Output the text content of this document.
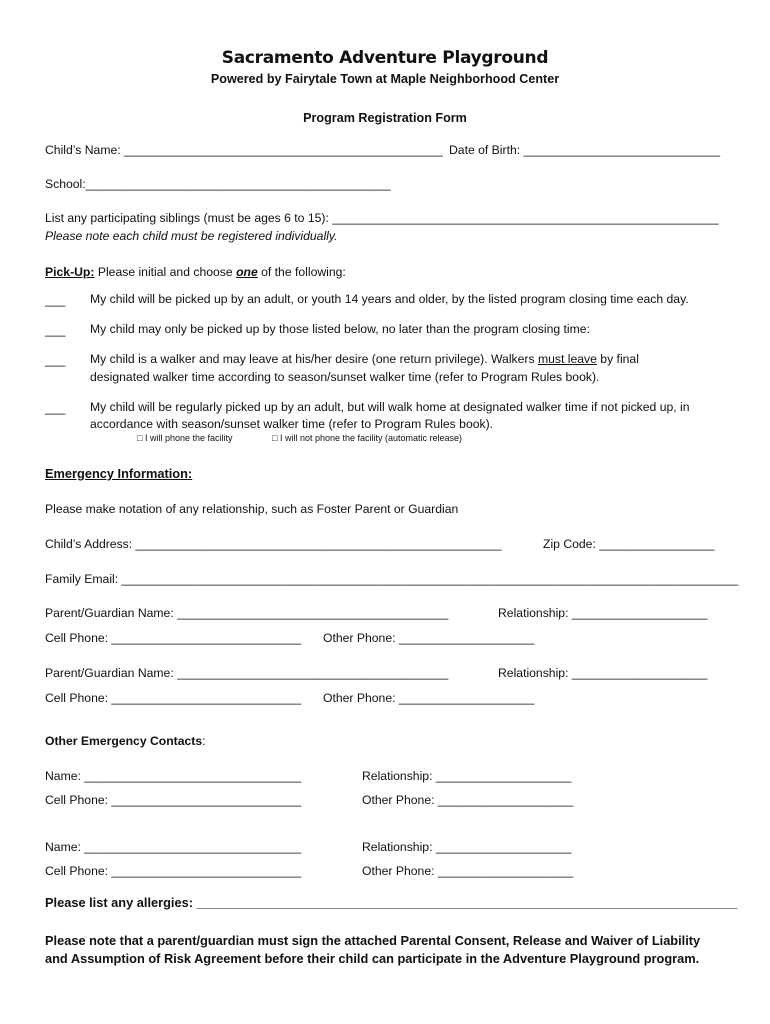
Sacramento Adventure Playground
Powered by Fairytale Town at Maple Neighborhood Center
Program Registration Form
Child’s Name: _______________________________________________ Date of Birth: _____________________________
School:_____________________________________________
List any participating siblings (must be ages 6 to 15): _________________________________________________________
Please note each child must be registered individually.
Pick-Up: Please initial and choose one of the following:
___ My child will be picked up by an adult, or youth 14 years and older, by the listed program closing time each day.
___ My child may only be picked up by those listed below, no later than the program closing time:
___ My child is a walker and may leave at his/her desire (one return privilege). Walkers must leave by final
designated walker time according to season/sunset walker time (refer to Program Rules book).
___ My child will be regularly picked up by an adult, but will walk home at designated walker time if not picked up, in
accordance with season/sunset walker time (refer to Program Rules book).
□ I will phone the facility	□ I will not phone the facility (automatic release)
Emergency Information:
Please make notation of any relationship, such as Foster Parent or Guardian
Child’s Address: ______________________________________________________	Zip Code: _________________
Family Email: ___________________________________________________________________________________________
Parent/Guardian Name: ________________________________________	Relationship: ____________________
Cell Phone: ____________________________ Other Phone: ____________________
Parent/Guardian Name: ________________________________________	Relationship: ____________________
Cell Phone: ____________________________ Other Phone: ____________________
Other Emergency Contacts:
Name: ________________________________	Relationship: ____________________
Cell Phone: ____________________________	Other Phone: ____________________
Name: ________________________________	Relationship: ____________________
Cell Phone: ____________________________	Other Phone: ____________________
Please list any allergies: ____________________________________________________________________________
Please note that a parent/guardian must sign the attached Parental Consent, Release and Waiver of Liability
and Assumption of Risk Agreement before their child can participate in the Adventure Playground program.
